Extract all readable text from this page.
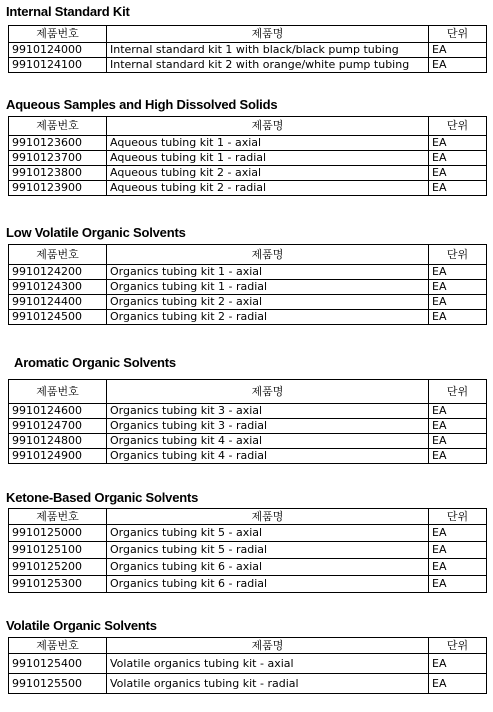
Internal Standard Kit
제품번호	제품명	단위
9910124000	Internal standard kit 1 with black/black pump tubing	EA
9910124100	Internal standard kit 2 with orange/white pump tubing	EA
Aqueous Samples and High Dissolved Solids
제품번호	제품명	단위
9910123600	Aqueous tubing kit 1 - axial	EA
9910123700	Aqueous tubing kit 1 - radial	EA
9910123800	Aqueous tubing kit 2 - axial	EA
9910123900	Aqueous tubing kit 2 - radial	EA
Low Volatile Organic Solvents
제품번호	제품명	단위
9910124200	Organics tubing kit 1 - axial	EA
9910124300	Organics tubing kit 1 - radial	EA
9910124400	Organics tubing kit 2 - axial	EA
9910124500	Organics tubing kit 2 - radial	EA
Aromatic Organic Solvents
제품번호	제품명	단위
9910124600	Organics tubing kit 3 - axial	EA
9910124700	Organics tubing kit 3 - radial	EA
9910124800	Organics tubing kit 4 - axial	EA
9910124900	Organics tubing kit 4 - radial	EA
Ketone-Based Organic Solvents
제품번호	제품명	단위
9910125000	Organics tubing kit 5 - axial	EA
9910125100	Organics tubing kit 5 - radial	EA
9910125200	Organics tubing kit 6 - axial	EA
9910125300	Organics tubing kit 6 - radial	EA
Volatile Organic Solvents
제품번호	제품명	단위
9910125400	Volatile organics tubing kit - axial	EA
9910125500	Volatile organics tubing kit - radial	EA
